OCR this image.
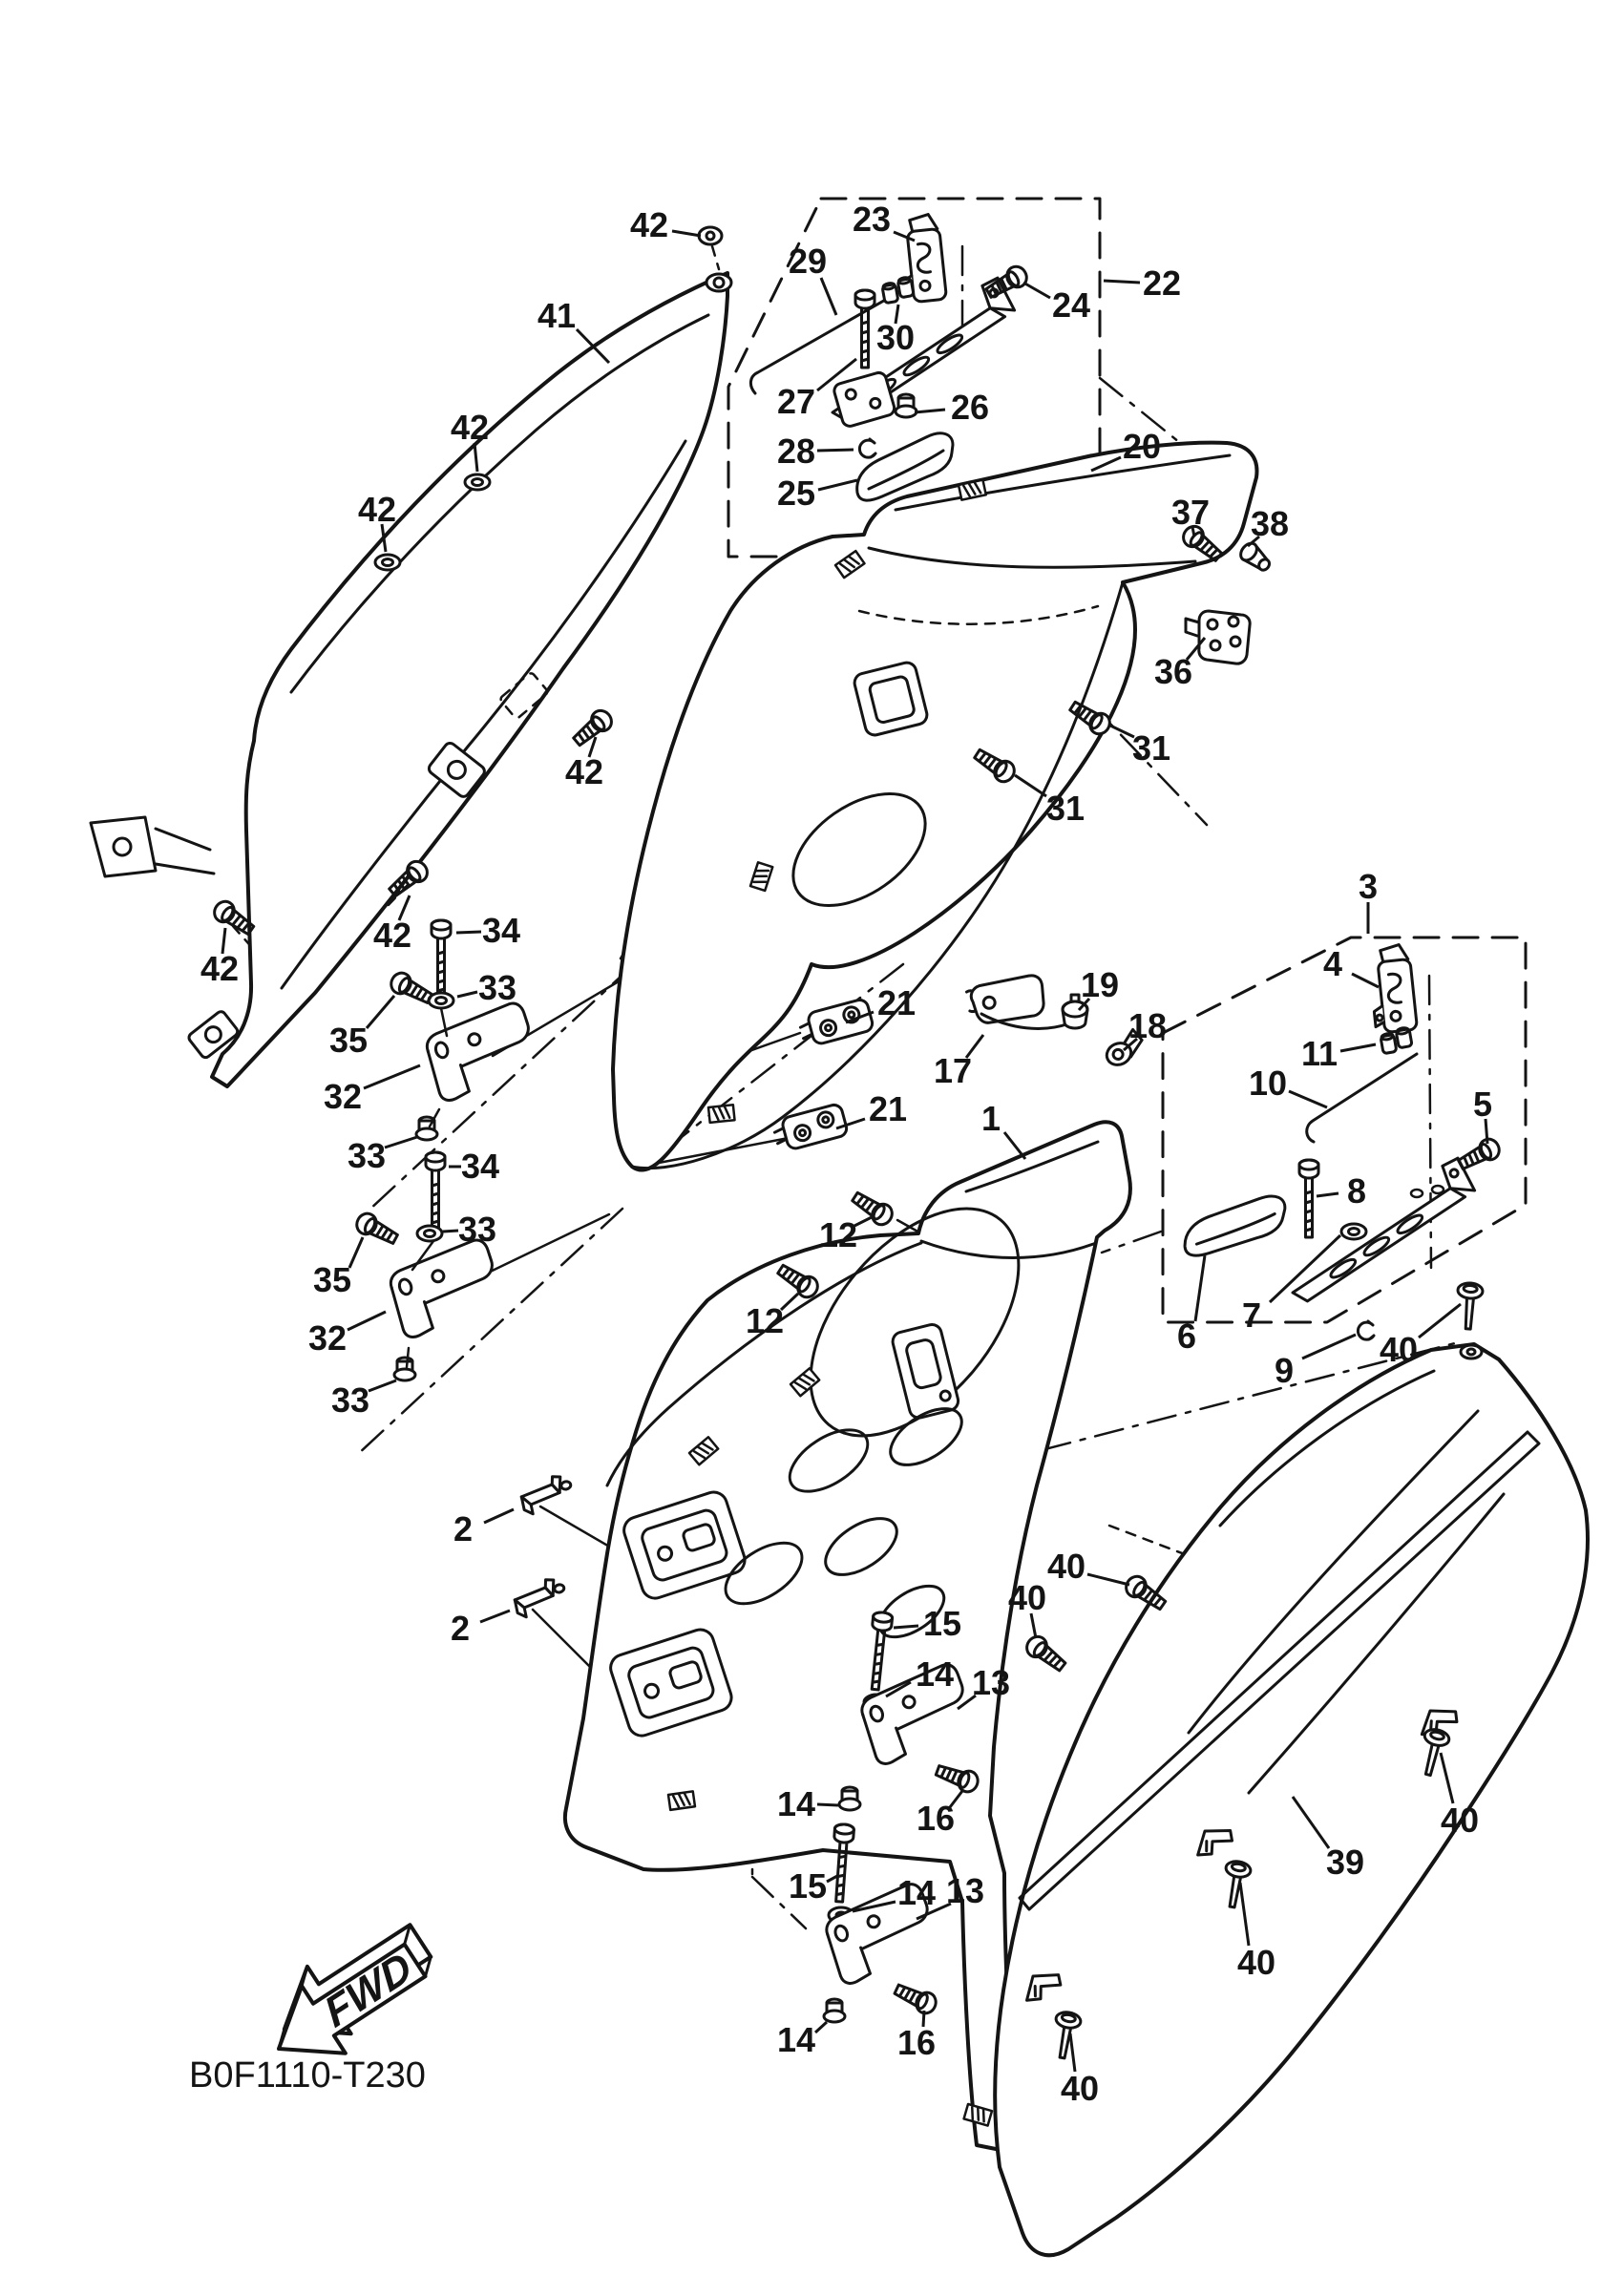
FWD
B0F1110-T230
42	23
29
24
22
30
27	26
28
25
20
41
42
42
42
42
42
37 38
36
31
31
34
33
35
32
33 34
33
35
32
33
21
21
19
18
17
1
12
12
3
4
11
10
5
8
6
7
9
40
40
40
39
40
40
40
15
14 13
14	16
15 14 13
14 16
2
2
